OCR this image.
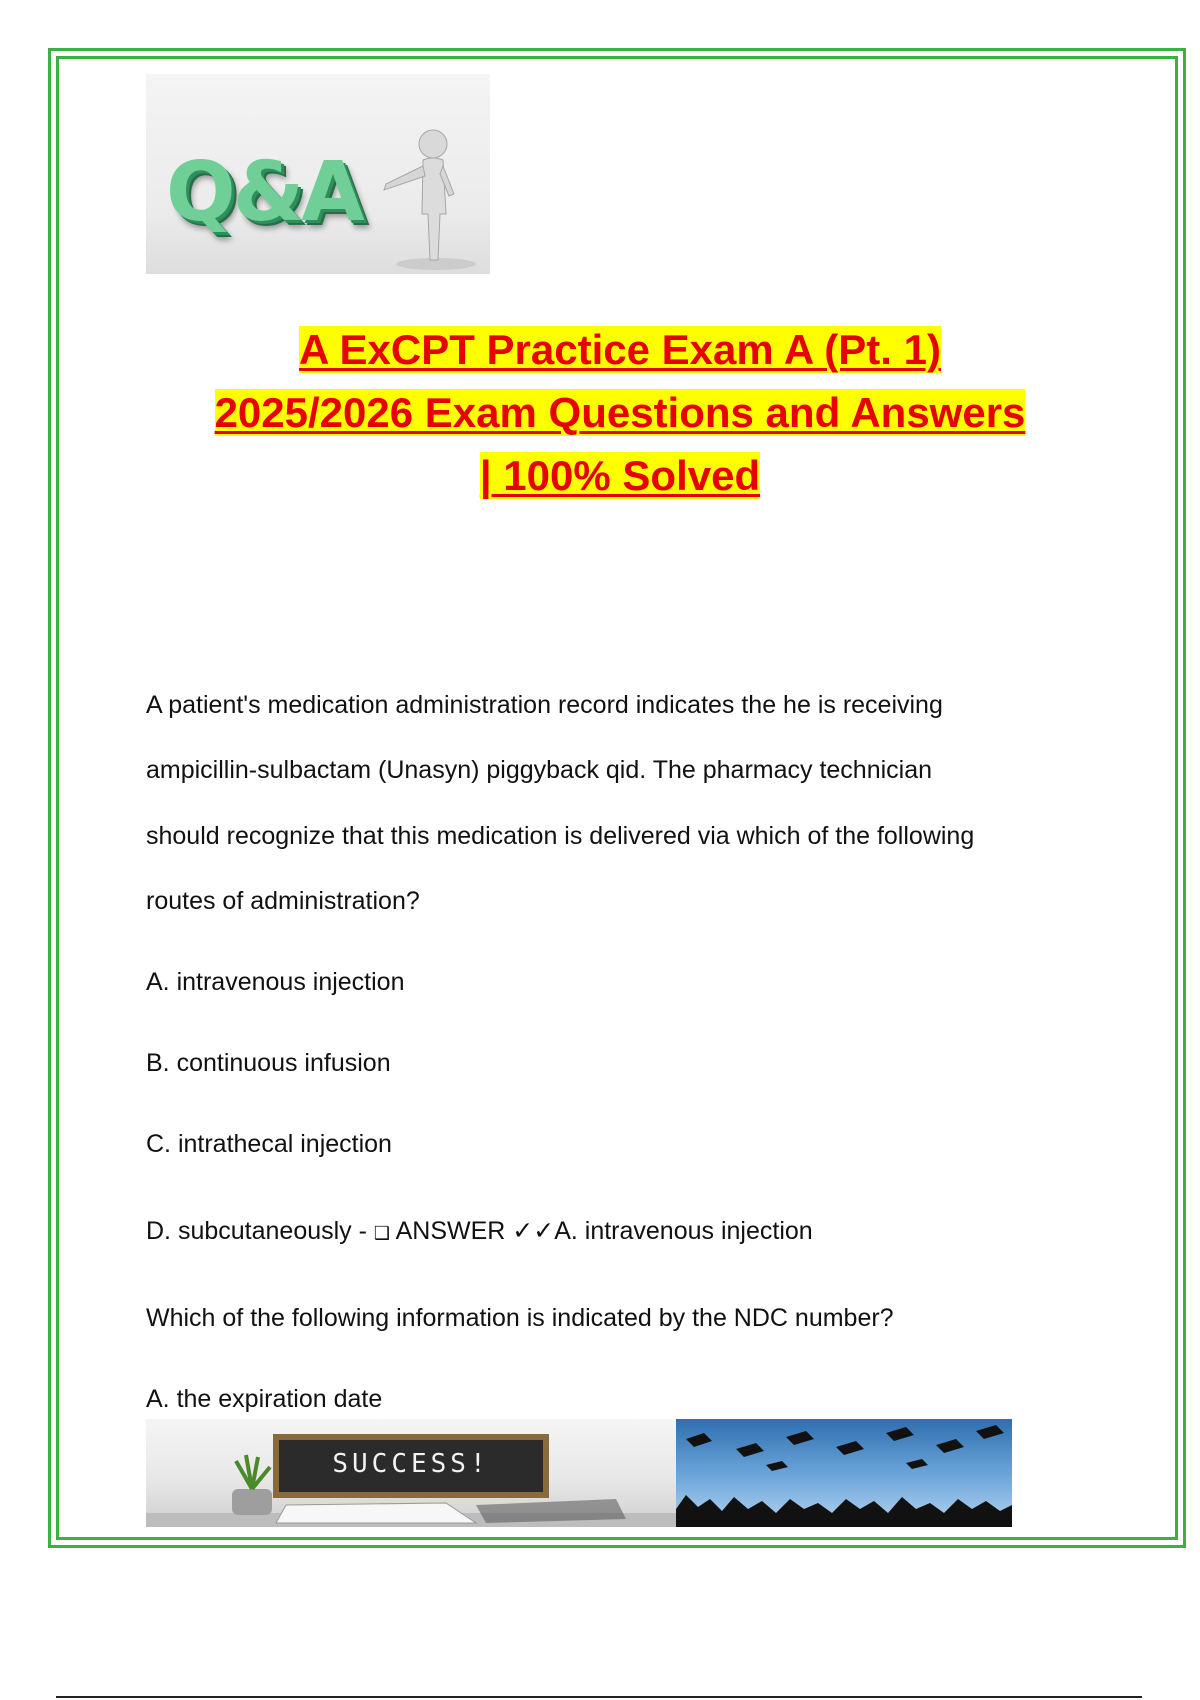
Q&A
A ExCPT Practice Exam A (Pt. 1)
2025/2026 Exam Questions and Answers
| 100% Solved
A patient's medication administration record indicates the he is receiving
ampicillin-sulbactam (Unasyn) piggyback qid. The pharmacy technician
should recognize that this medication is delivered via which of the following
routes of administration?
A. intravenous injection
B. continuous infusion
C. intrathecal injection
D. subcutaneously - ❑ ANSWER ✓✓A. intravenous injection
Which of the following information is indicated by the NDC number?
A. the expiration date
SUCCESS!
